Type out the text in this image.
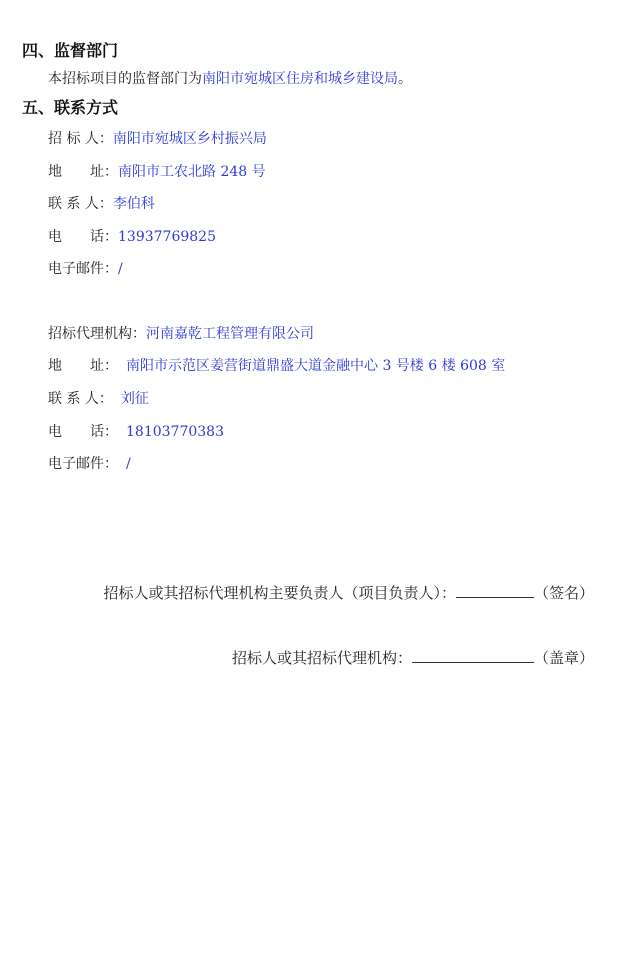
四、监督部门
本招标项目的监督部门为南阳市宛城区住房和城乡建设局。
五、联系方式
招 标 人：南阳市宛城区乡村振兴局
地　　址：南阳市工农北路 248 号
联 系 人：李伯科
电　　话：13937769825
电子邮件：/
招标代理机构：河南嘉乾工程管理有限公司
地　　址： 南阳市示范区姜营街道鼎盛大道金融中心 3 号楼 6 楼 608 室
联 系 人： 刘征
电　　话： 18103770383
电子邮件： /
招标人或其招标代理机构主要负责人（项目负责人）：	（签名）
招标人或其招标代理机构：	（盖章）
